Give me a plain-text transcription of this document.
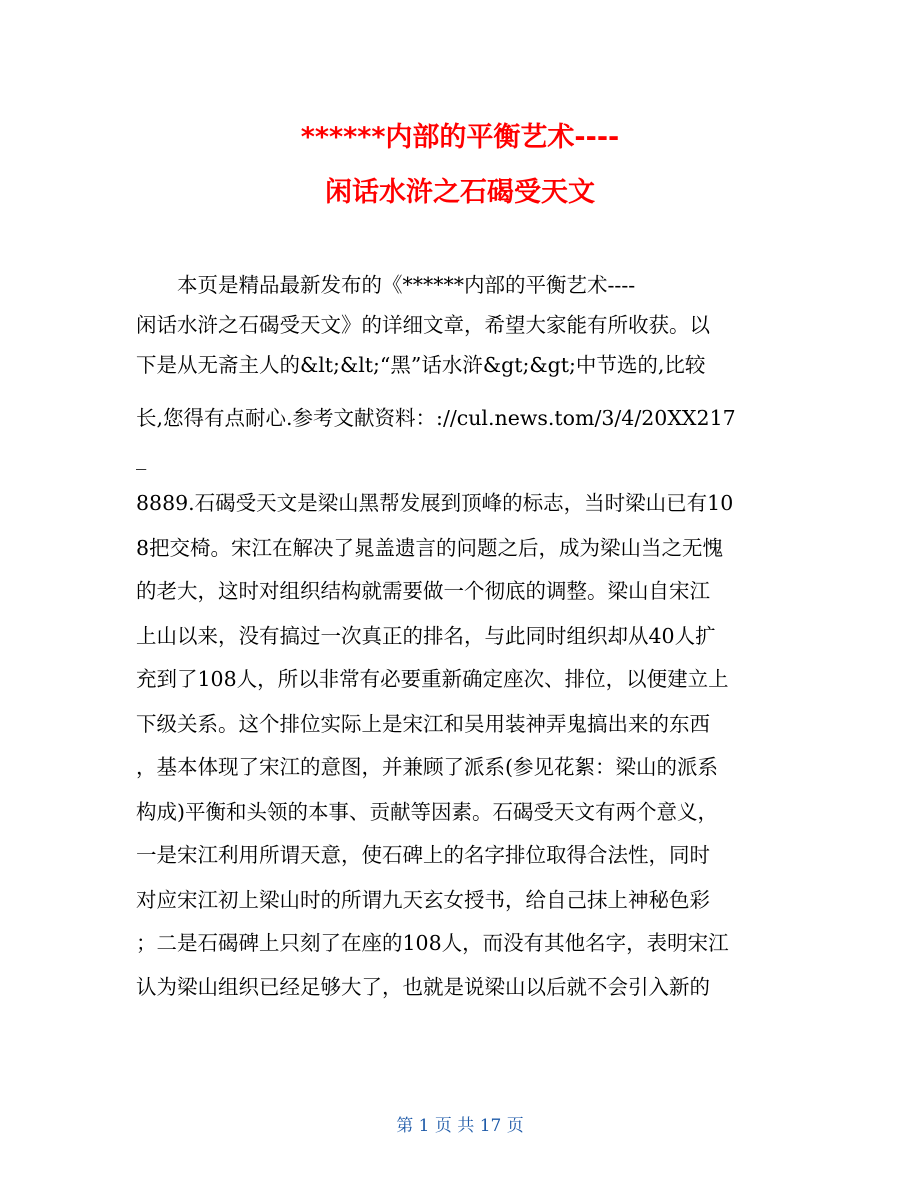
******内部的平衡艺术----
闲话水浒之石碣受天文
　　本页是精品最新发布的《******内部的平衡艺术----
闲话水浒之石碣受天文》的详细文章，希望大家能有所收获。以
下是从无斋主人的&lt;&lt;“黑”话水浒&gt;&gt;中节选的,比较
长,您得有点耐心.参考文献资料：://cul.news.tom/3/4/20XX217
_
8889.石碣受天文是梁山黑帮发展到顶峰的标志，当时梁山已有10
8把交椅。宋江在解决了晁盖遗言的问题之后，成为梁山当之无愧
的老大，这时对组织结构就需要做一个彻底的调整。梁山自宋江
上山以来，没有搞过一次真正的排名，与此同时组织却从40人扩
充到了108人，所以非常有必要重新确定座次、排位，以便建立上
下级关系。这个排位实际上是宋江和吴用装神弄鬼搞出来的东西
，基本体现了宋江的意图，并兼顾了派系(参见花絮：梁山的派系
构成)平衡和头领的本事、贡献等因素。石碣受天文有两个意义，
一是宋江利用所谓天意，使石碑上的名字排位取得合法性，同时
对应宋江初上梁山时的所谓九天玄女授书，给自己抹上神秘色彩
；二是石碣碑上只刻了在座的108人，而没有其他名字，表明宋江
认为梁山组织已经足够大了，也就是说梁山以后就不会引入新的
第 1 页 共 17 页
